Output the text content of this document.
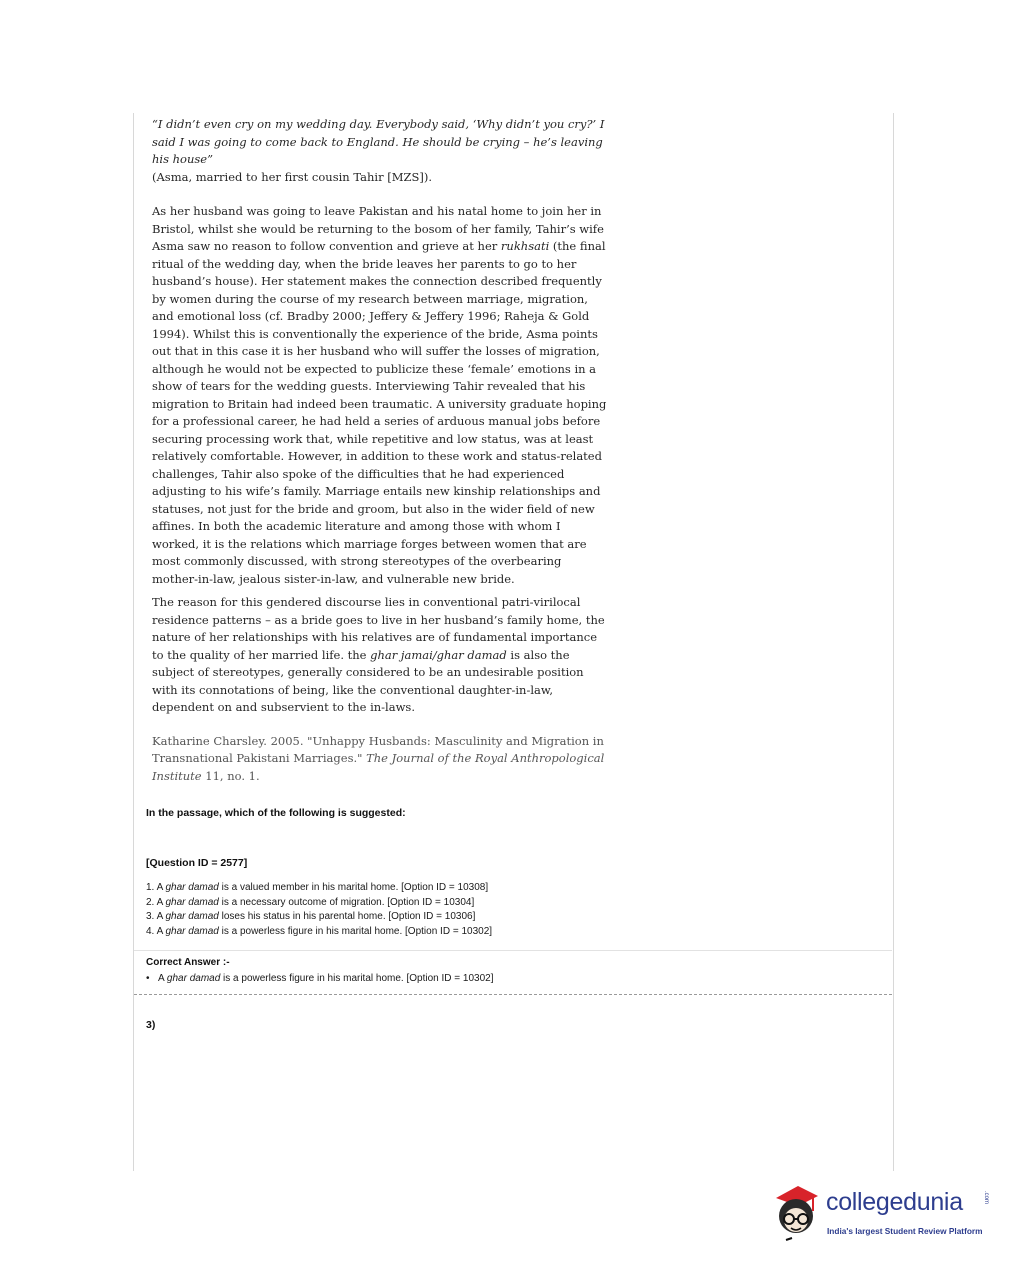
“I didn’t even cry on my wedding day. Everybody said, ‘Why didn’t you cry?’ I said I was going to come back to England. He should be crying – he’s leaving his house”

(Asma, married to her first cousin Tahir [MZS]).

As her husband was going to leave Pakistan and his natal home to join her in Bristol, whilst she would be returning to the bosom of her family, Tahir’s wife Asma saw no reason to follow convention and grieve at her rukhsati (the final ritual of the wedding day, when the bride leaves her parents to go to her husband’s house). Her statement makes the connection described frequently by women during the course of my research between marriage, migration, and emotional loss (cf. Bradby 2000; Jeffery & Jeffery 1996; Raheja & Gold 1994). Whilst this is conventionally the experience of the bride, Asma points out that in this case it is her husband who will suffer the losses of migration, although he would not be expected to publicize these ‘female’ emotions in a show of tears for the wedding guests. Interviewing Tahir revealed that his migration to Britain had indeed been traumatic. A university graduate hoping for a professional career, he had held a series of arduous manual jobs before securing processing work that, while repetitive and low status, was at least relatively comfortable. However, in addition to these work and status-related challenges, Tahir also spoke of the difficulties that he had experienced adjusting to his wife’s family. Marriage entails new kinship relationships and statuses, not just for the bride and groom, but also in the wider field of new affines. In both the academic literature and among those with whom I worked, it is the relations which marriage forges between women that are most commonly discussed, with strong stereotypes of the overbearing mother-in-law, jealous sister-in-law, and vulnerable new bride.

The reason for this gendered discourse lies in conventional patri-virilocal residence patterns – as a bride goes to live in her husband’s family home, the nature of her relationships with his relatives are of fundamental importance to the quality of her married life. the ghar jamai/ghar damad is also the subject of stereotypes, generally considered to be an undesirable position with its connotations of being, like the conventional daughter-in-law, dependent on and subservient to the in-laws.

Katharine Charsley. 2005. "Unhappy Husbands: Masculinity and Migration in Transnational Pakistani Marriages." The Journal of the Royal Anthropological Institute 11, no. 1.

In the passage, which of the following is suggested:
[Question ID = 2577]
1. A ghar damad is a valued member in his marital home. [Option ID = 10308]
2. A ghar damad is a necessary outcome of migration. [Option ID = 10304]
3. A ghar damad loses his status in his parental home. [Option ID = 10306]
4. A ghar damad is a powerless figure in his marital home. [Option ID = 10302]
Correct Answer :-
• A ghar damad is a powerless figure in his marital home. [Option ID = 10302]
3)
collegedunia	.com
India's largest Student Review Platform
